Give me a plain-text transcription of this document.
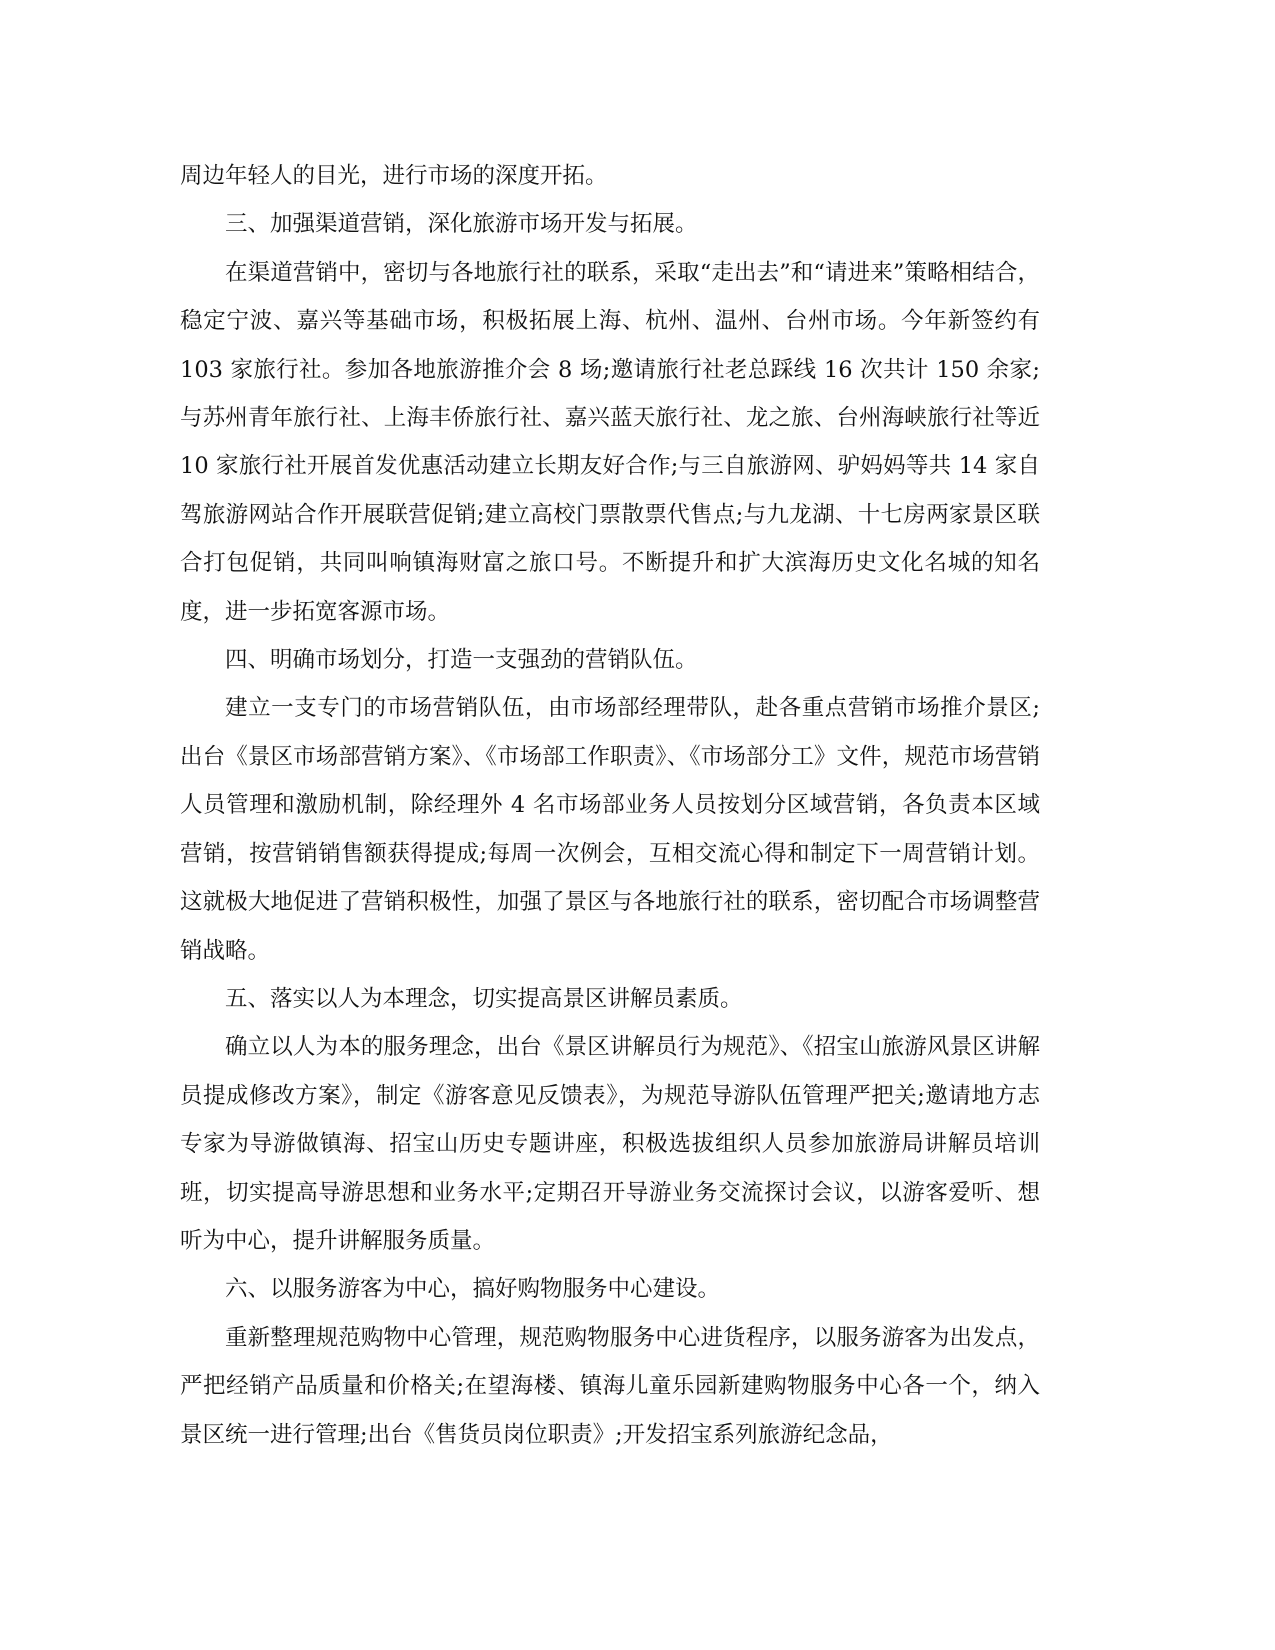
周边年轻人的目光，进行市场的深度开拓。

三、加强渠道营销，深化旅游市场开发与拓展。

在渠道营销中，密切与各地旅行社的联系，采取“走出去”和“请进来”策略相结合，稳定宁波、嘉兴等基础市场，积极拓展上海、杭州、温州、台州市场。今年新签约有 103 家旅行社。参加各地旅游推介会 8 场;邀请旅行社老总踩线 16 次共计 150 余家;与苏州青年旅行社、上海丰侨旅行社、嘉兴蓝天旅行社、龙之旅、台州海峡旅行社等近 10 家旅行社开展首发优惠活动建立长期友好合作;与三自旅游网、驴妈妈等共 14 家自驾旅游网站合作开展联营促销;建立高校门票散票代售点;与九龙湖、十七房两家景区联合打包促销，共同叫响镇海财富之旅口号。不断提升和扩大滨海历史文化名城的知名度，进一步拓宽客源市场。

四、明确市场划分，打造一支强劲的营销队伍。

建立一支专门的市场营销队伍，由市场部经理带队，赴各重点营销市场推介景区;出台《景区市场部营销方案》、《市场部工作职责》、《市场部分工》文件，规范市场营销人员管理和激励机制，除经理外 4 名市场部业务人员按划分区域营销，各负责本区域营销，按营销销售额获得提成;每周一次例会，互相交流心得和制定下一周营销计划。这就极大地促进了营销积极性，加强了景区与各地旅行社的联系，密切配合市场调整营销战略。

五、落实以人为本理念，切实提高景区讲解员素质。

确立以人为本的服务理念，出台《景区讲解员行为规范》、《招宝山旅游风景区讲解员提成修改方案》，制定《游客意见反馈表》，为规范导游队伍管理严把关;邀请地方志专家为导游做镇海、招宝山历史专题讲座，积极选拔组织人员参加旅游局讲解员培训班，切实提高导游思想和业务水平;定期召开导游业务交流探讨会议，以游客爱听、想听为中心，提升讲解服务质量。

六、以服务游客为中心，搞好购物服务中心建设。

重新整理规范购物中心管理，规范购物服务中心进货程序，以服务游客为出发点，严把经销产品质量和价格关;在望海楼、镇海儿童乐园新建购物服务中心各一个，纳入景区统一进行管理;出台《售货员岗位职责》;开发招宝系列旅游纪念品，
